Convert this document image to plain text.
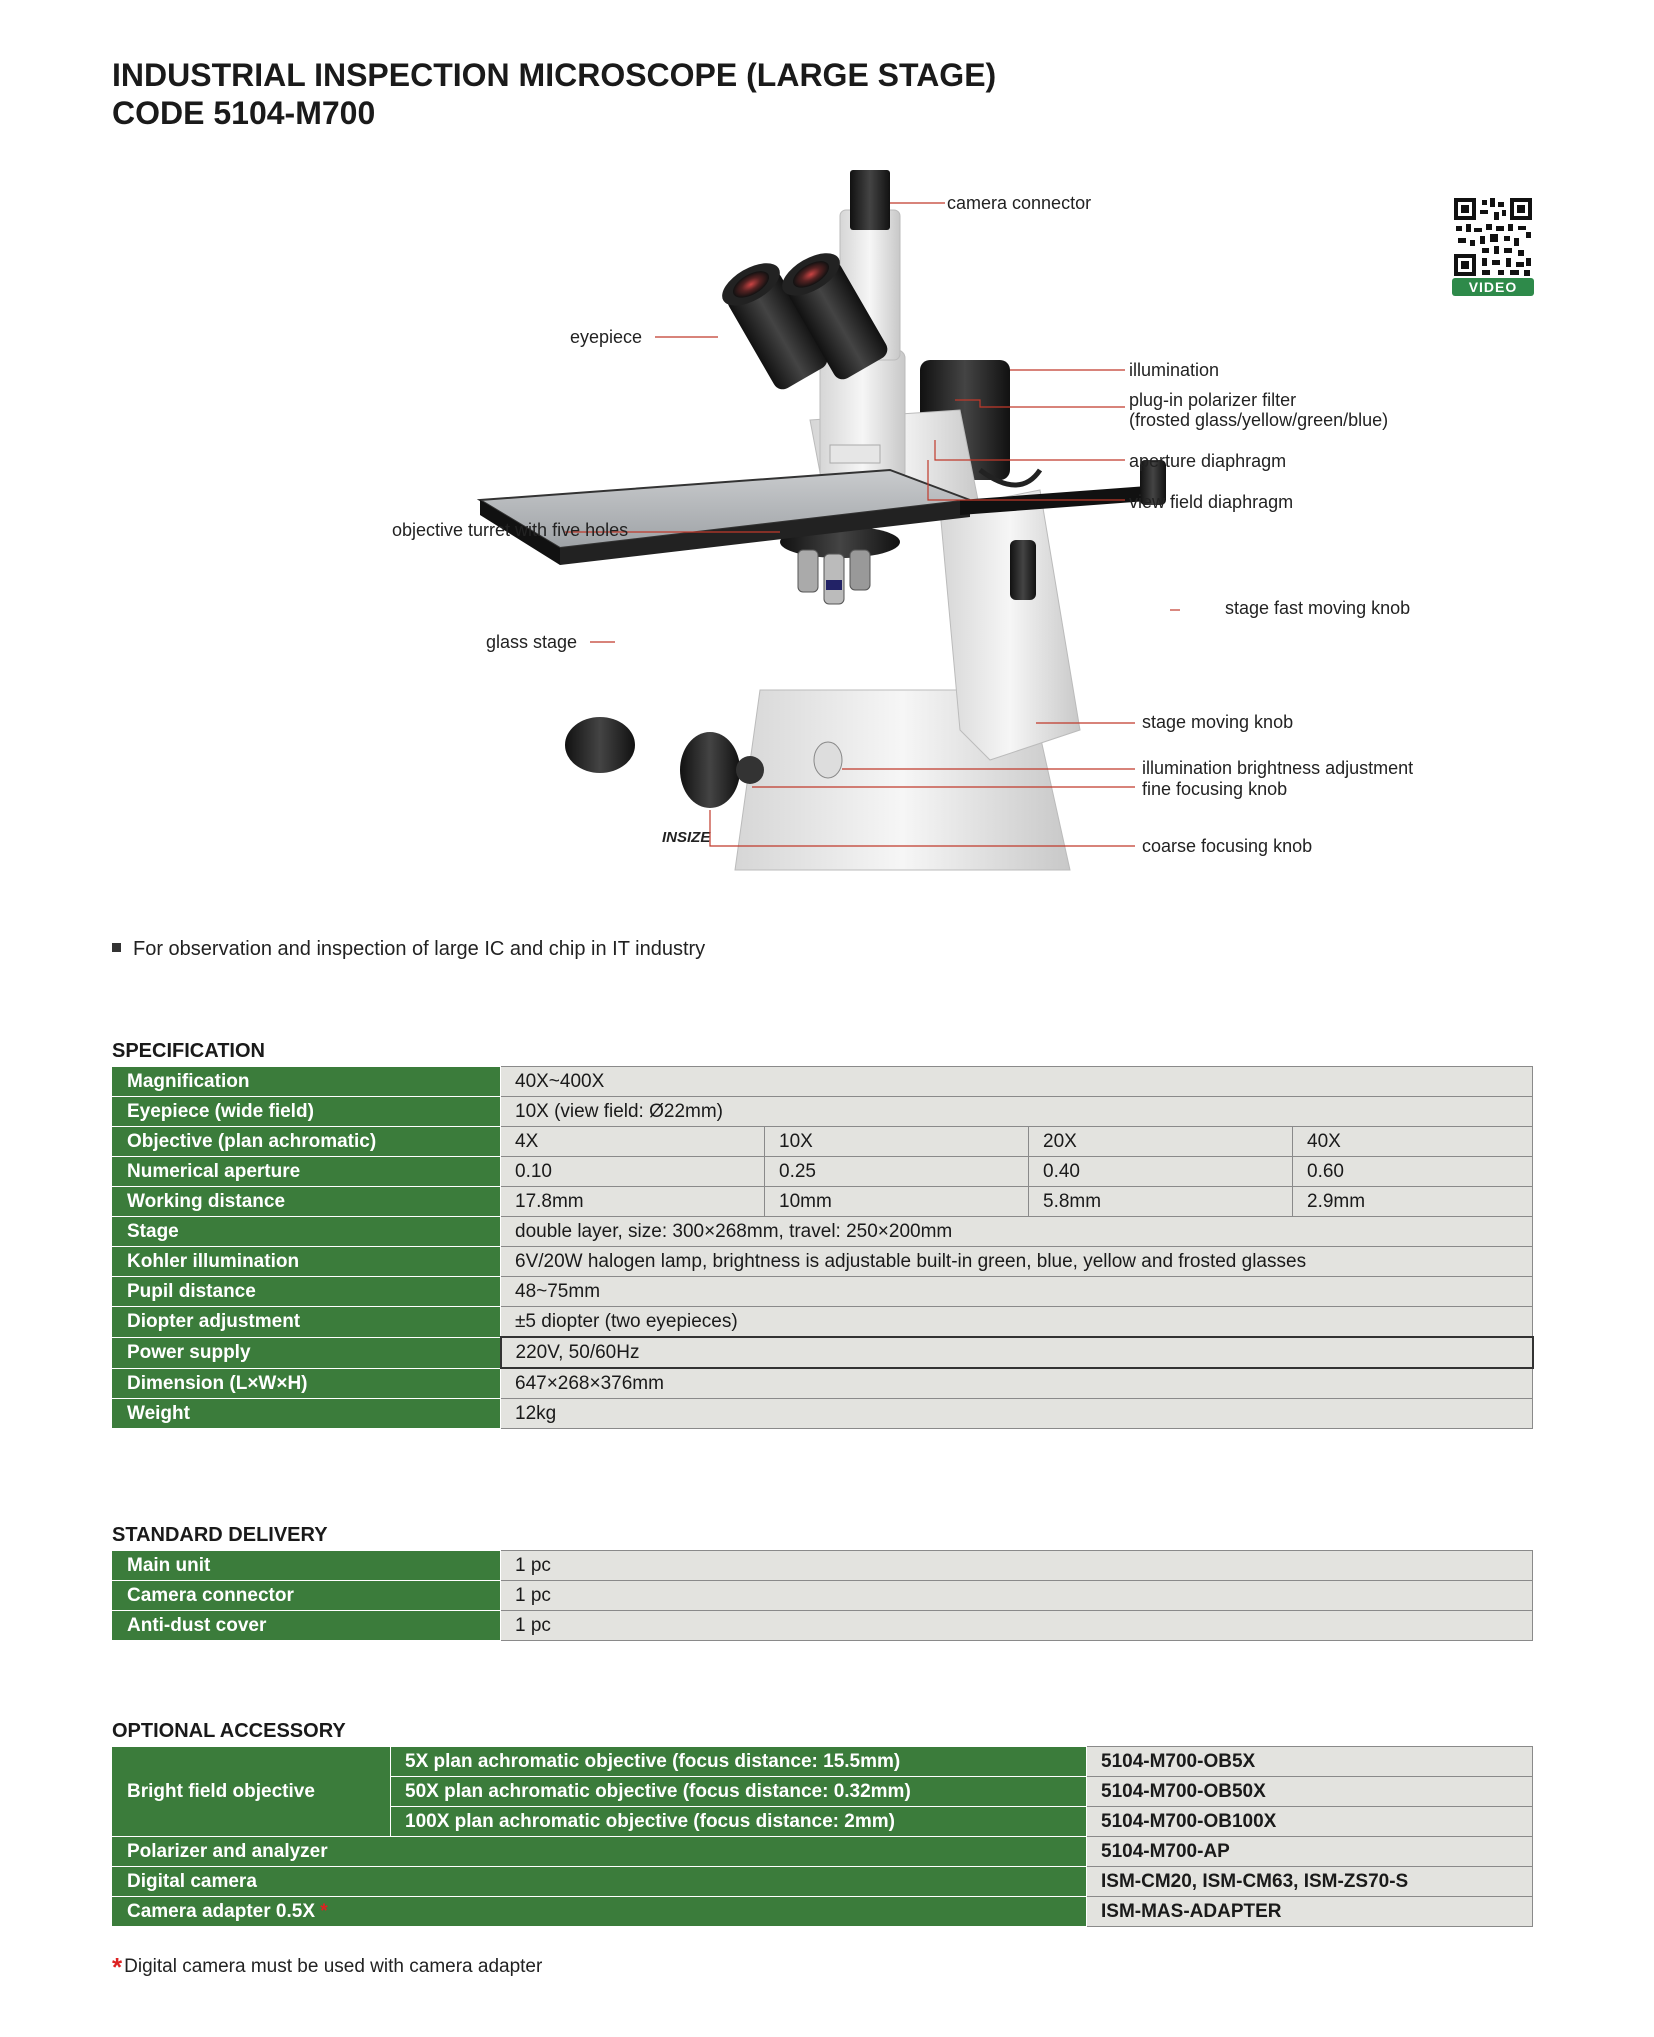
INDUSTRIAL INSPECTION MICROSCOPE (LARGE STAGE)
CODE 5104-M700
VIDEO
INSIZE
camera connector
eyepiece
illumination
plug-in polarizer filter
(frosted glass/yellow/green/blue)
aperture diaphragm
view field diaphragm
objective turret with five holes
stage fast moving knob
glass stage
stage moving knob
illumination brightness adjustment
fine focusing knob
coarse focusing knob
For observation and inspection of large IC and chip in IT industry
SPECIFICATION
Magnification	40X~400X			
Eyepiece (wide field)	10X (view field: Ø22mm)			
Objective (plan achromatic)	4X	10X	20X	40X
Numerical aperture	0.10	0.25	0.40	0.60
Working distance	17.8mm	10mm	5.8mm	2.9mm
Stage	double layer, size: 300×268mm, travel: 250×200mm			
Kohler illumination	6V/20W halogen lamp, brightness is adjustable built-in green, blue, yellow and frosted glasses			
Pupil distance	48~75mm			
Diopter adjustment	±5 diopter (two eyepieces)			
Power supply	220V, 50/60Hz			
Dimension (L×W×H)	647×268×376mm			
Weight	12kg			
STANDARD DELIVERY
Main unit	1 pc
Camera connector	1 pc
Anti-dust cover	1 pc
OPTIONAL ACCESSORY
Bright field objective	5X plan achromatic objective (focus distance: 15.5mm)	5104-M700-OB5X
	50X plan achromatic objective (focus distance: 0.32mm)	5104-M700-OB50X
	100X plan achromatic objective (focus distance: 2mm)	5104-M700-OB100X
Polarizer and analyzer		5104-M700-AP
Digital camera		ISM-CM20, ISM-CM63, ISM-ZS70-S
Camera adapter 0.5X *		ISM-MAS-ADAPTER
* Digital camera must be used with camera adapter
